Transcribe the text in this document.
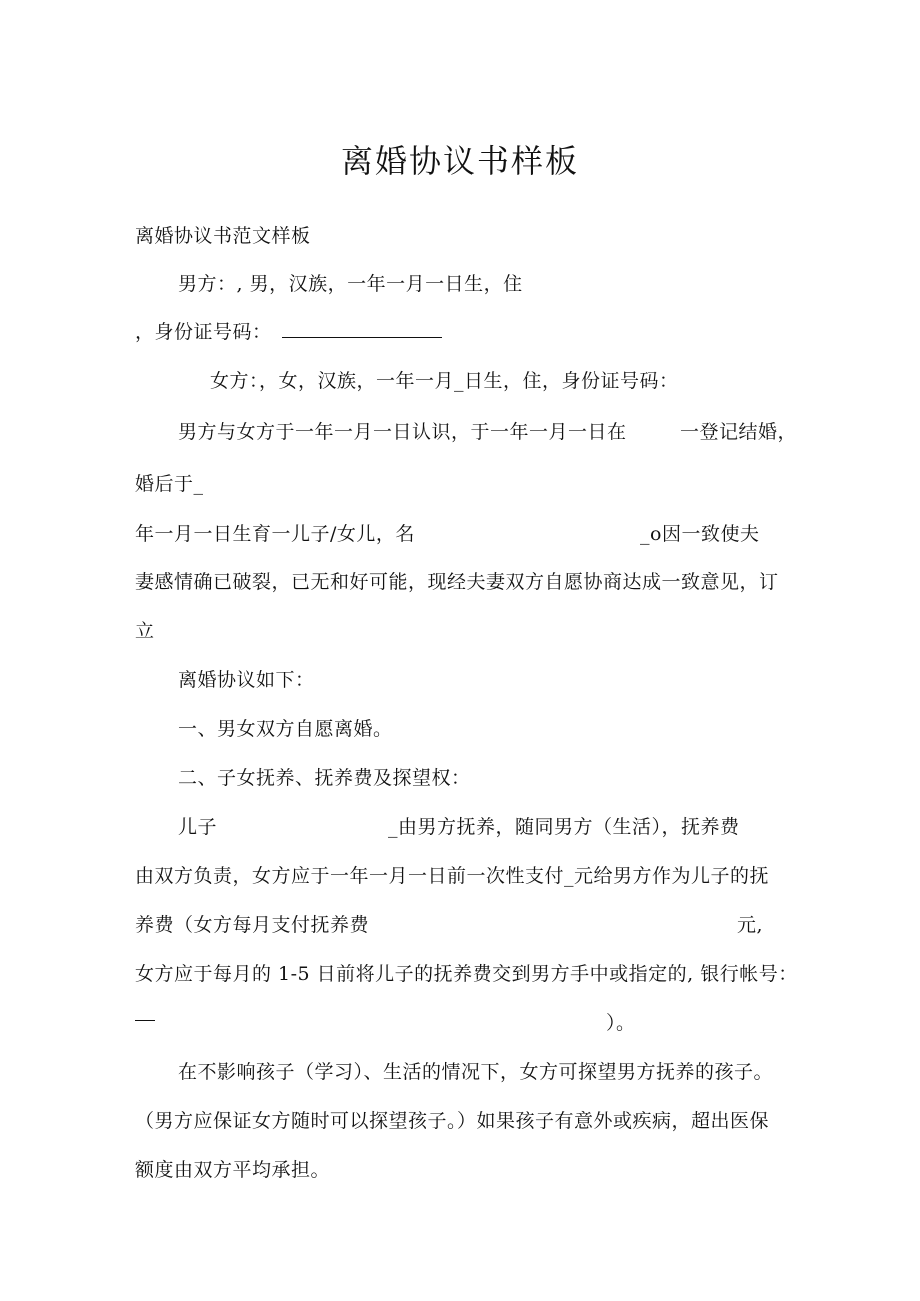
离婚协议书样板
离婚协议书范文样板
男方：, 男，汉族，一年一月一日生，住
，身份证号码：
女方：，女，汉族，一年一月_日生，住，身份证号码：
男方与女方于一年一月一日认识，于一年一月一日在	一登记结婚，
婚后于_
年一月一日生育一儿子/女儿，名	_o因一致使夫
妻感情确已破裂，已无和好可能，现经夫妻双方自愿协商达成一致意见，订
立
离婚协议如下：
一、男女双方自愿离婚。
二、子女抚养、抚养费及探望权：
儿子	_由男方抚养，随同男方（生活），抚养费
由双方负责，女方应于一年一月一日前一次性支付_元给男方作为儿子的抚
养费（女方每月支付抚养费	元,
女方应于每月的 1-5 日前将儿子的抚养费交到男方手中或指定的, 银行帐号：
）。
在不影响孩子（学习）、生活的情况下，女方可探望男方抚养的孩子。
（男方应保证女方随时可以探望孩子。）如果孩子有意外或疾病，超出医保
额度由双方平均承担。
